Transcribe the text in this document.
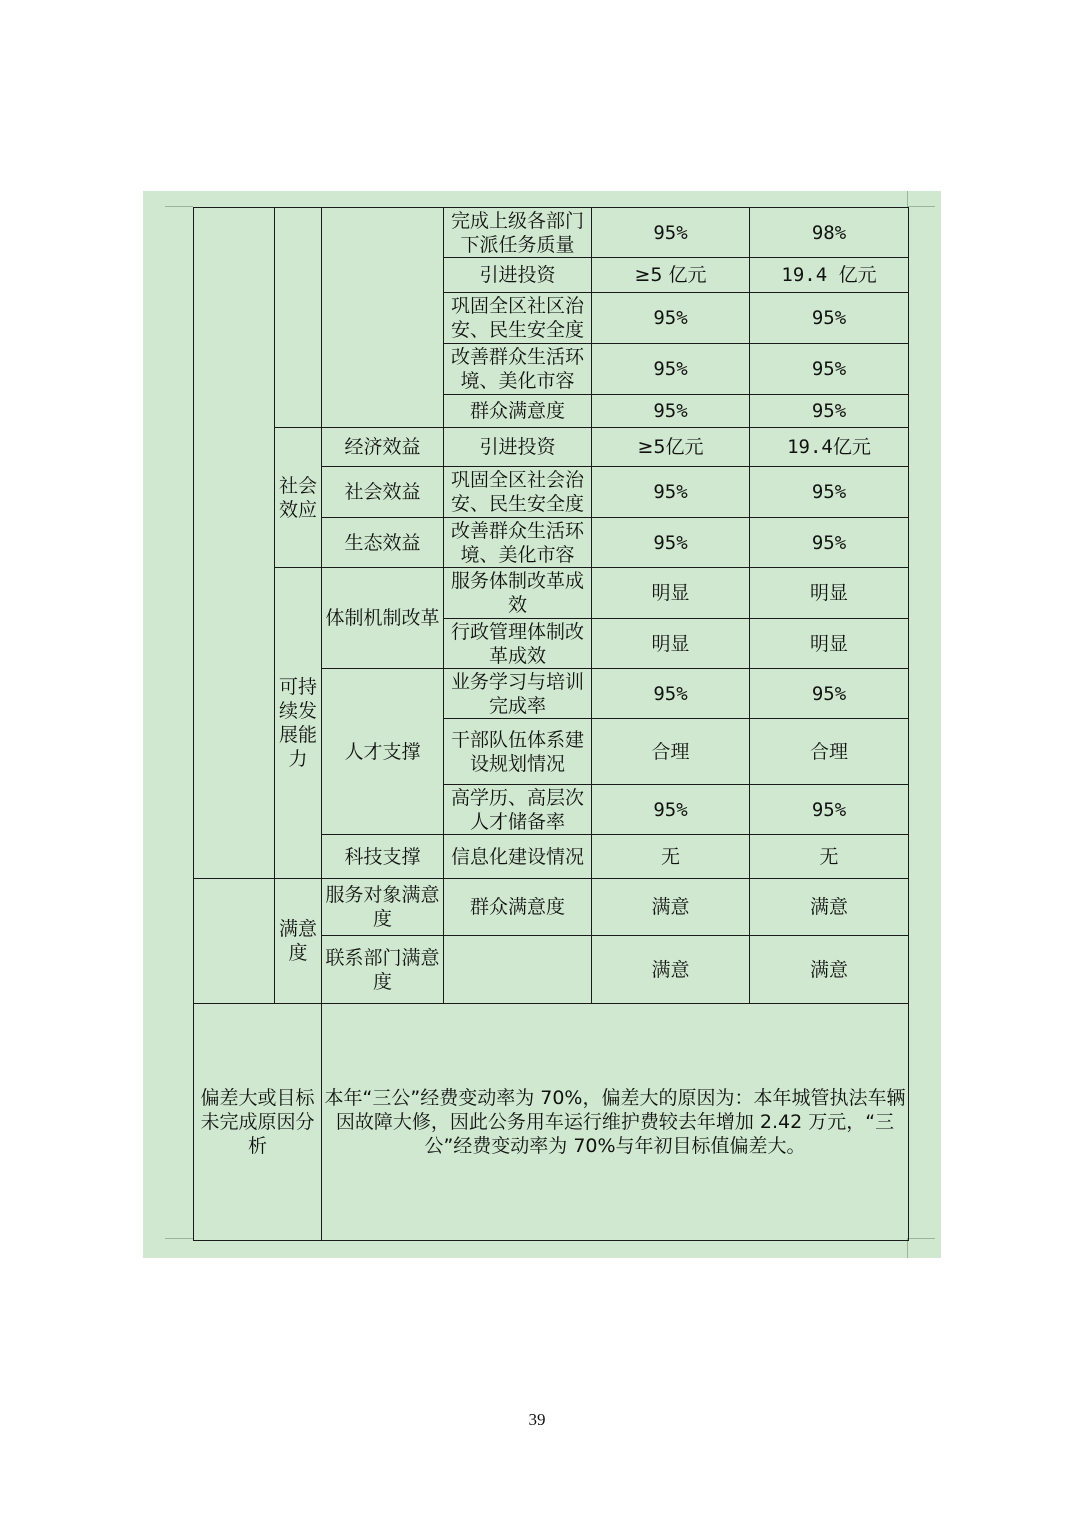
			完成上级各部门下派任务质量	95%	98%
			引进投资	≥5 亿元	19.4 亿元
			巩固全区社区治安、民生安全度	95%	95%
			改善群众生活环境、美化市容	95%	95%
			群众满意度	95%	95%
	社会效应	经济效益	引进投资	≥5亿元	19.4亿元
		社会效益	巩固全区社会治安、民生安全度	95%	95%
		生态效益	改善群众生活环境、美化市容	95%	95%
	可持续发展能力	体制机制改革	服务体制改革成效	明显	明显
			行政管理体制改革成效	明显	明显
		人才支撑	业务学习与培训完成率	95%	95%
			干部队伍体系建设规划情况	合理	合理
			高学历、高层次人才储备率	95%	95%
		科技支撑	信息化建设情况	无	无
	满意度	服务对象满意度	群众满意度	满意	满意
		联系部门满意度		满意	满意
偏差大或目标未完成原因分析		本年“三公”经费变动率为 70%，偏差大的原因为：本年城管执法车辆因故障大修，因此公务用车运行维护费较去年增加 2.42 万元，“三公”经费变动率为 70%与年初目标值偏差大。			
39
